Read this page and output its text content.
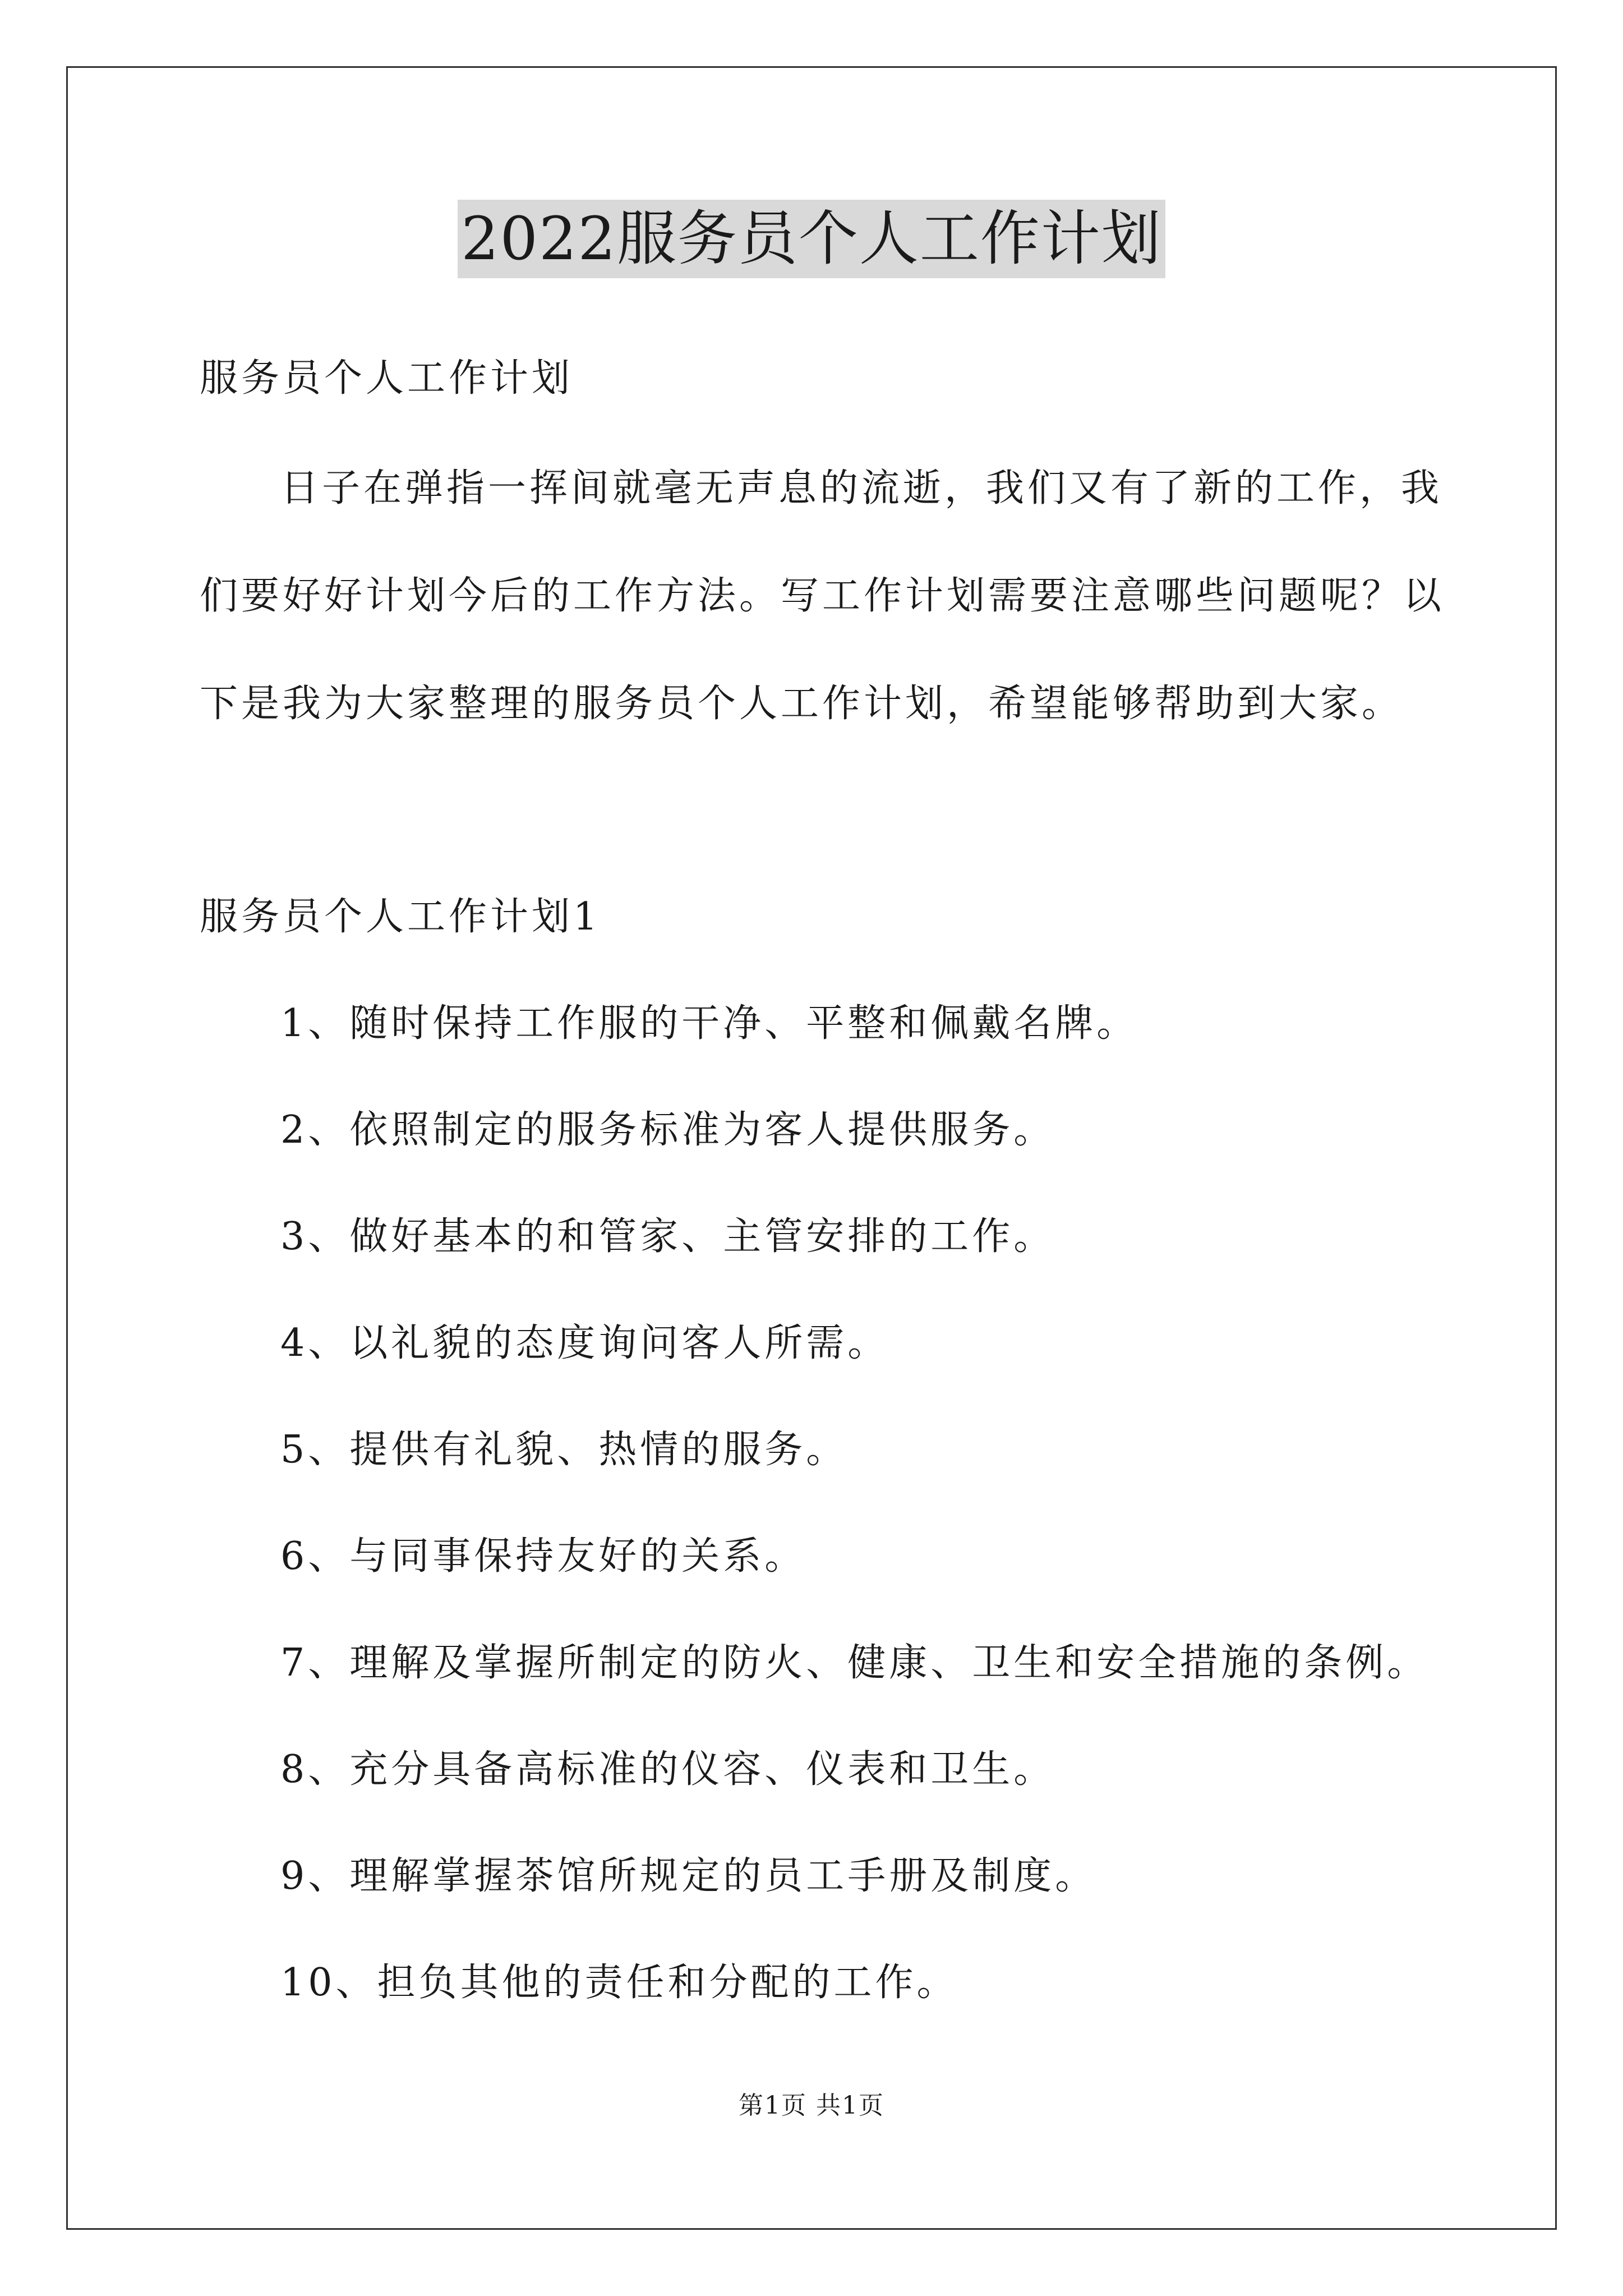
2022服务员个人工作计划
服务员个人工作计划
日子在弹指一挥间就毫无声息的流逝，我们又有了新的工作，我
们要好好计划今后的工作方法。写工作计划需要注意哪些问题呢？以
下是我为大家整理的服务员个人工作计划，希望能够帮助到大家。
服务员个人工作计划1
1、随时保持工作服的干净、平整和佩戴名牌。
2、依照制定的服务标准为客人提供服务。
3、做好基本的和管家、主管安排的工作。
4、以礼貌的态度询问客人所需。
5、提供有礼貌、热情的服务。
6、与同事保持友好的关系。
7、理解及掌握所制定的防火、健康、卫生和安全措施的条例。
8、充分具备高标准的仪容、仪表和卫生。
9、理解掌握茶馆所规定的员工手册及制度。
10、担负其他的责任和分配的工作。
第1页 共1页
